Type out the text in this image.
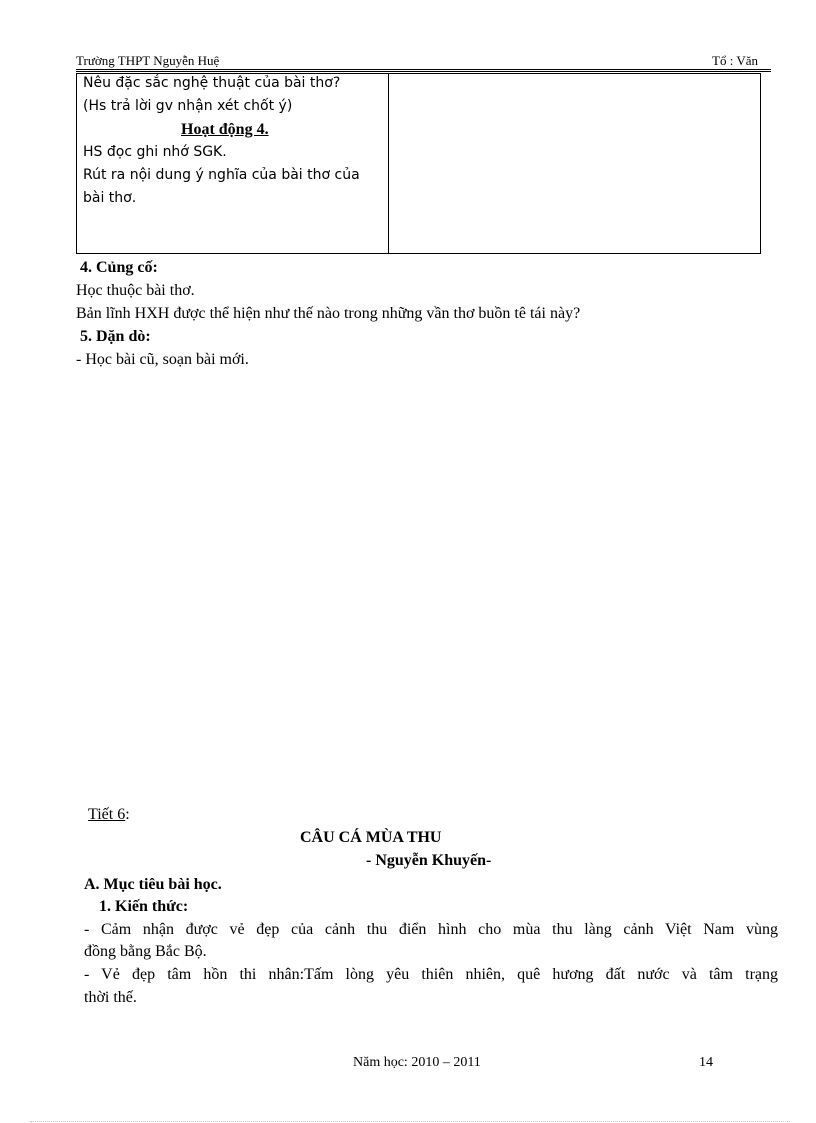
Trường THPT Nguyễn Huệ	Tổ : Văn

Nêu đặc sắc nghệ thuật của bài thơ?
(Hs trả lời gv nhận xét chốt ý)
Hoạt động 4.
HS đọc ghi nhớ SGK.
Rút ra nội dung ý nghĩa của bài thơ của
bài thơ.
4. Củng cố:
Học thuộc bài thơ.
Bản lĩnh HXH được thể hiện như thế nào trong những vần thơ buồn tê tái này?
5. Dặn dò:
- Học bài cũ, soạn bài mới.
Tiết 6:
CÂU CÁ MÙA THU
- Nguyễn Khuyến-
A. Mục tiêu bài học.
1. Kiến thức:
- Cảm nhận được vẻ đẹp của cảnh thu điển hình cho mùa thu làng cảnh Việt Nam vùng
đồng bằng Bắc Bộ.
- Vẻ đẹp tâm hồn thi nhân:Tấm lòng yêu thiên nhiên, quê hương đất nước và tâm trạng
thời thế.
Năm học: 2010 – 2011	14
